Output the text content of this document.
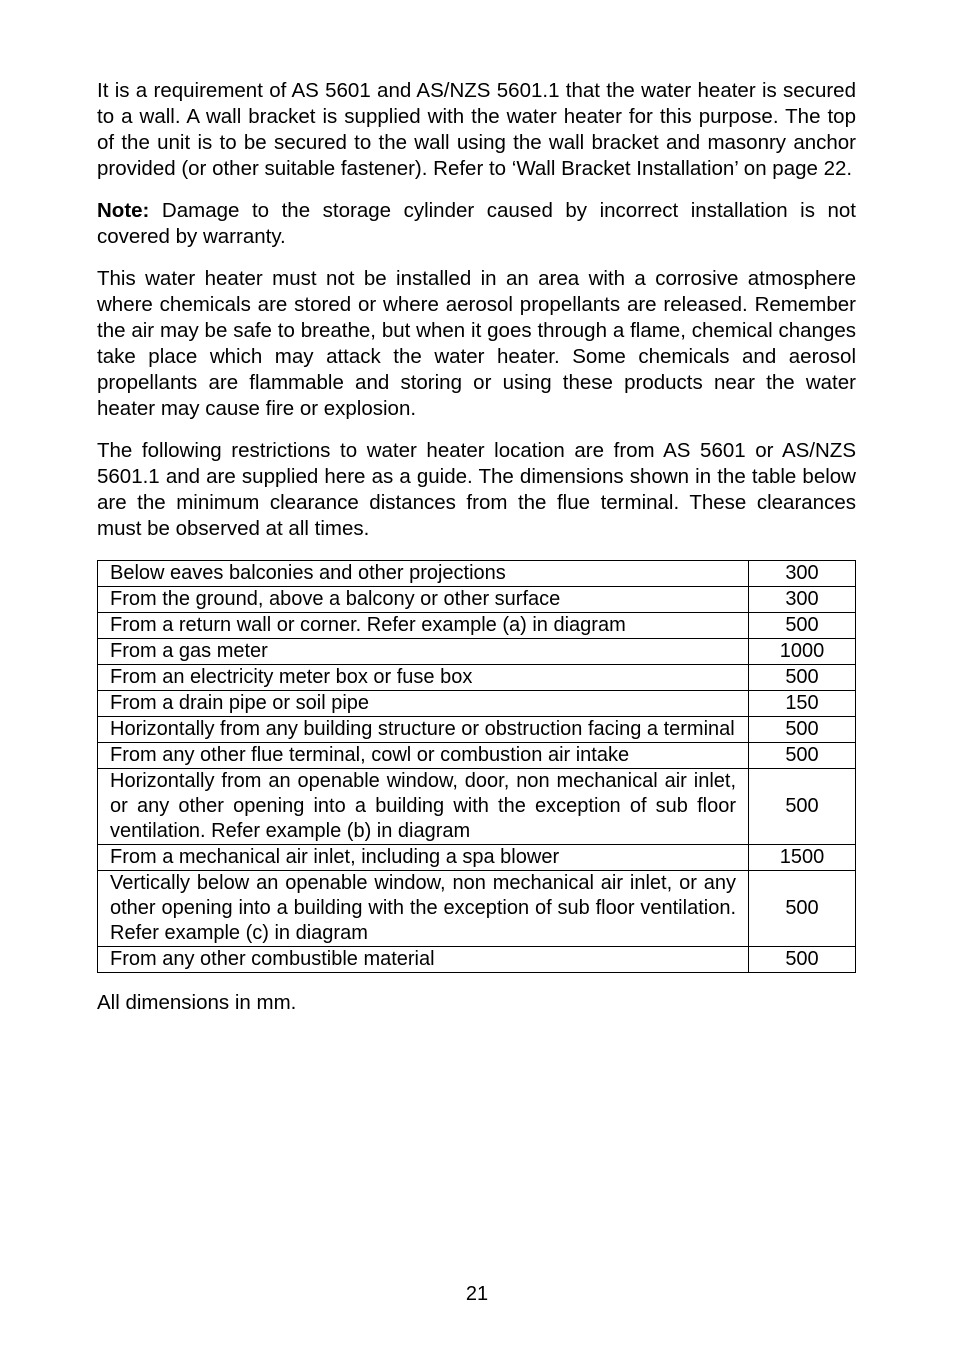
It is a requirement of AS 5601 and AS/NZS 5601.1 that the water heater is secured to a wall. A wall bracket is supplied with the water heater for this purpose. The top of the unit is to be secured to the wall using the wall bracket and masonry anchor provided (or other suitable fastener). Refer to ‘Wall Bracket Installation’ on page 22.

Note: Damage to the storage cylinder caused by incorrect installation is not covered by warranty.

This water heater must not be installed in an area with a corrosive atmosphere where chemicals are stored or where aerosol propellants are released. Remember the air may be safe to breathe, but when it goes through a flame, chemical changes take place which may attack the water heater. Some chemicals and aerosol propellants are flammable and storing or using these products near the water heater may cause fire or explosion.

The following restrictions to water heater location are from AS 5601 or AS/NZS 5601.1 and are supplied here as a guide. The dimensions shown in the table below are the minimum clearance distances from the flue terminal. These clearances must be observed at all times.

Below eaves balconies and other projections	300
From the ground, above a balcony or other surface	300
From a return wall or corner. Refer example (a) in diagram	500
From a gas meter	1000
From an electricity meter box or fuse box	500
From a drain pipe or soil pipe	150
Horizontally from any building structure or obstruction facing a terminal	500
From any other flue terminal, cowl or combustion air intake	500
Horizontally from an openable window, door, non mechanical air inlet, or any other opening into a building with the exception of sub floor ventilation. Refer example (b) in diagram	500
From a mechanical air inlet, including a spa blower	1500
Vertically below an openable window, non mechanical air inlet, or any other opening into a building with the exception of sub floor ventilation. Refer example (c) in diagram	500
From any other combustible material	500

All dimensions in mm.

21
